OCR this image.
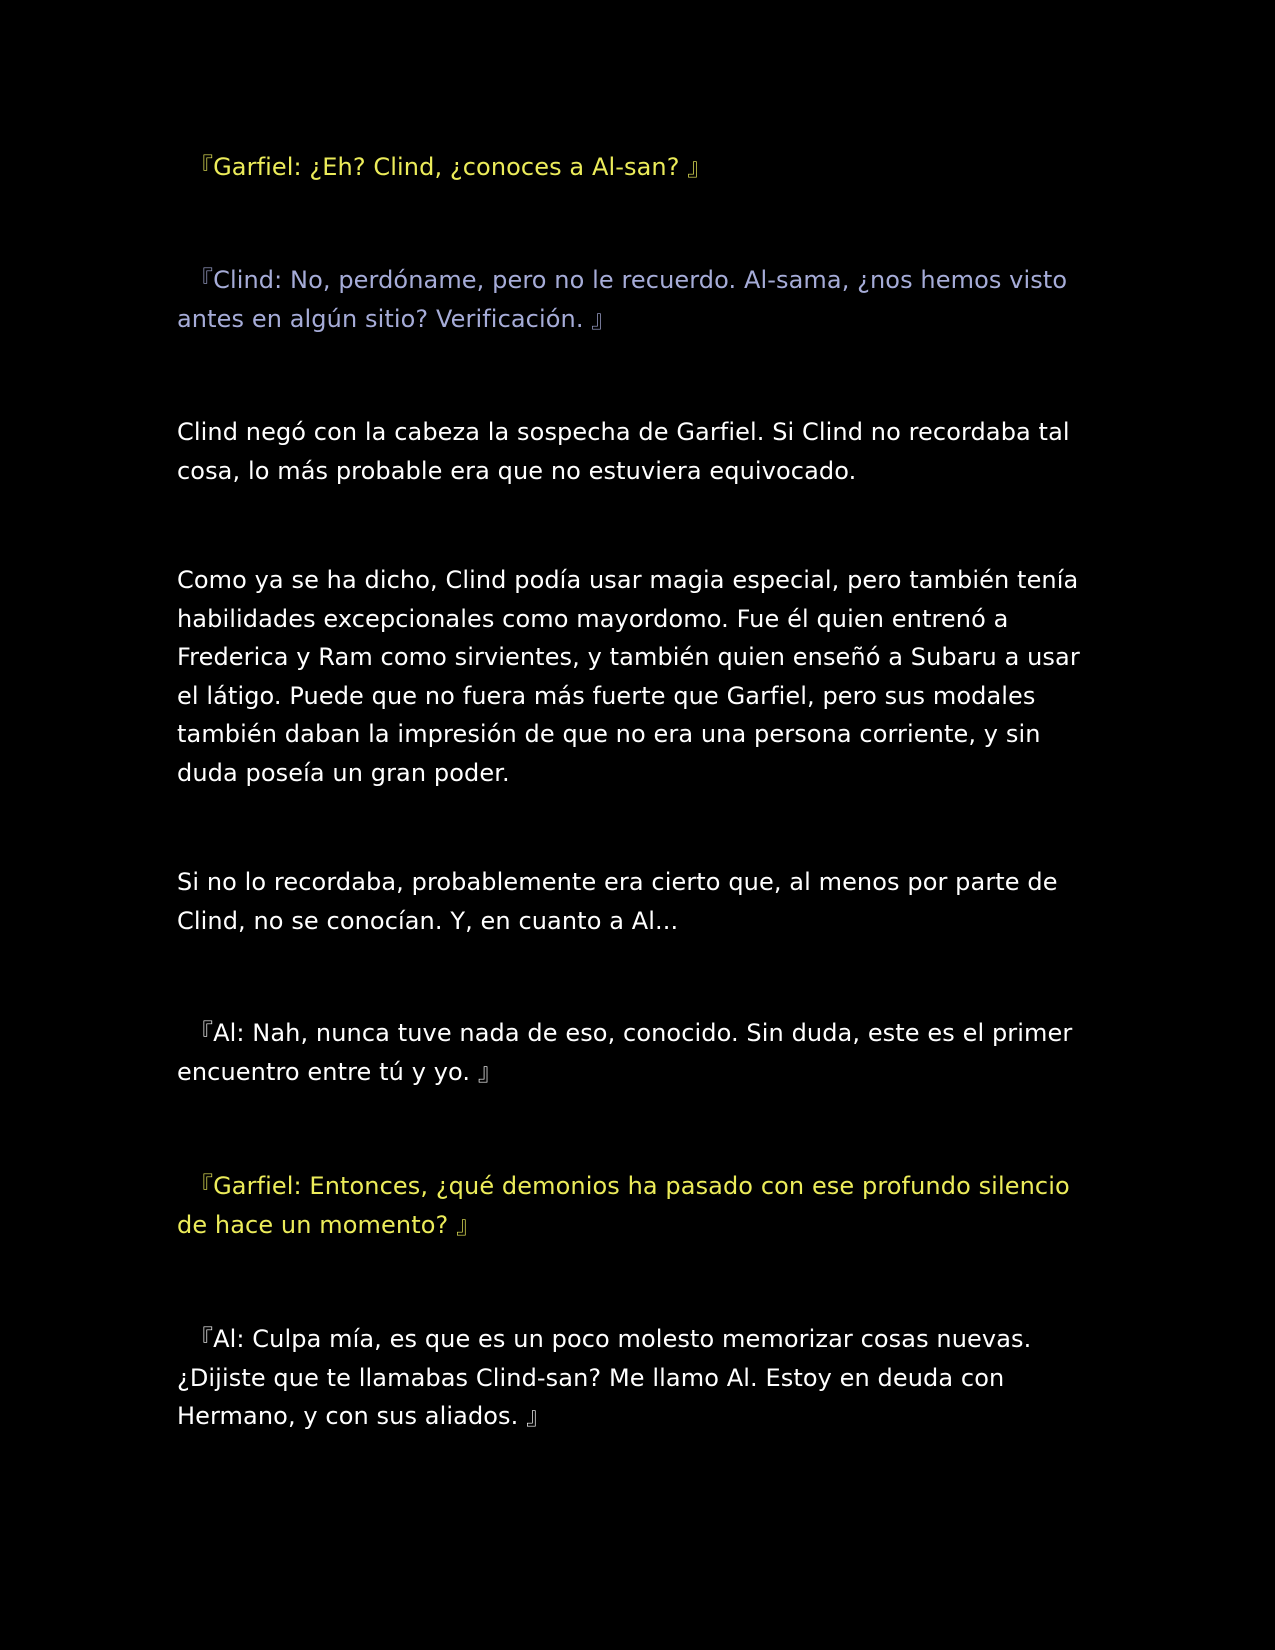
『Garfiel: ¿Eh? Clind, ¿conoces a Al-san? 』

『Clind: No, perdóname, pero no le recuerdo. Al-sama, ¿nos hemos visto antes en algún sitio? Verificación. 』

Clind negó con la cabeza la sospecha de Garfiel. Si Clind no recordaba tal cosa, lo más probable era que no estuviera equivocado.

Como ya se ha dicho, Clind podía usar magia especial, pero también tenía habilidades excepcionales como mayordomo. Fue él quien entrenó a Frederica y Ram como sirvientes, y también quien enseñó a Subaru a usar el látigo. Puede que no fuera más fuerte que Garfiel, pero sus modales también daban la impresión de que no era una persona corriente, y sin duda poseía un gran poder.

Si no lo recordaba, probablemente era cierto que, al menos por parte de Clind, no se conocían. Y, en cuanto a Al...

『Al: Nah, nunca tuve nada de eso, conocido. Sin duda, este es el primer encuentro entre tú y yo. 』

『Garfiel: Entonces, ¿qué demonios ha pasado con ese profundo silencio de hace un momento? 』

『Al: Culpa mía, es que es un poco molesto memorizar cosas nuevas. ¿Dijiste que te llamabas Clind-san? Me llamo Al. Estoy en deuda con Hermano, y con sus aliados. 』
